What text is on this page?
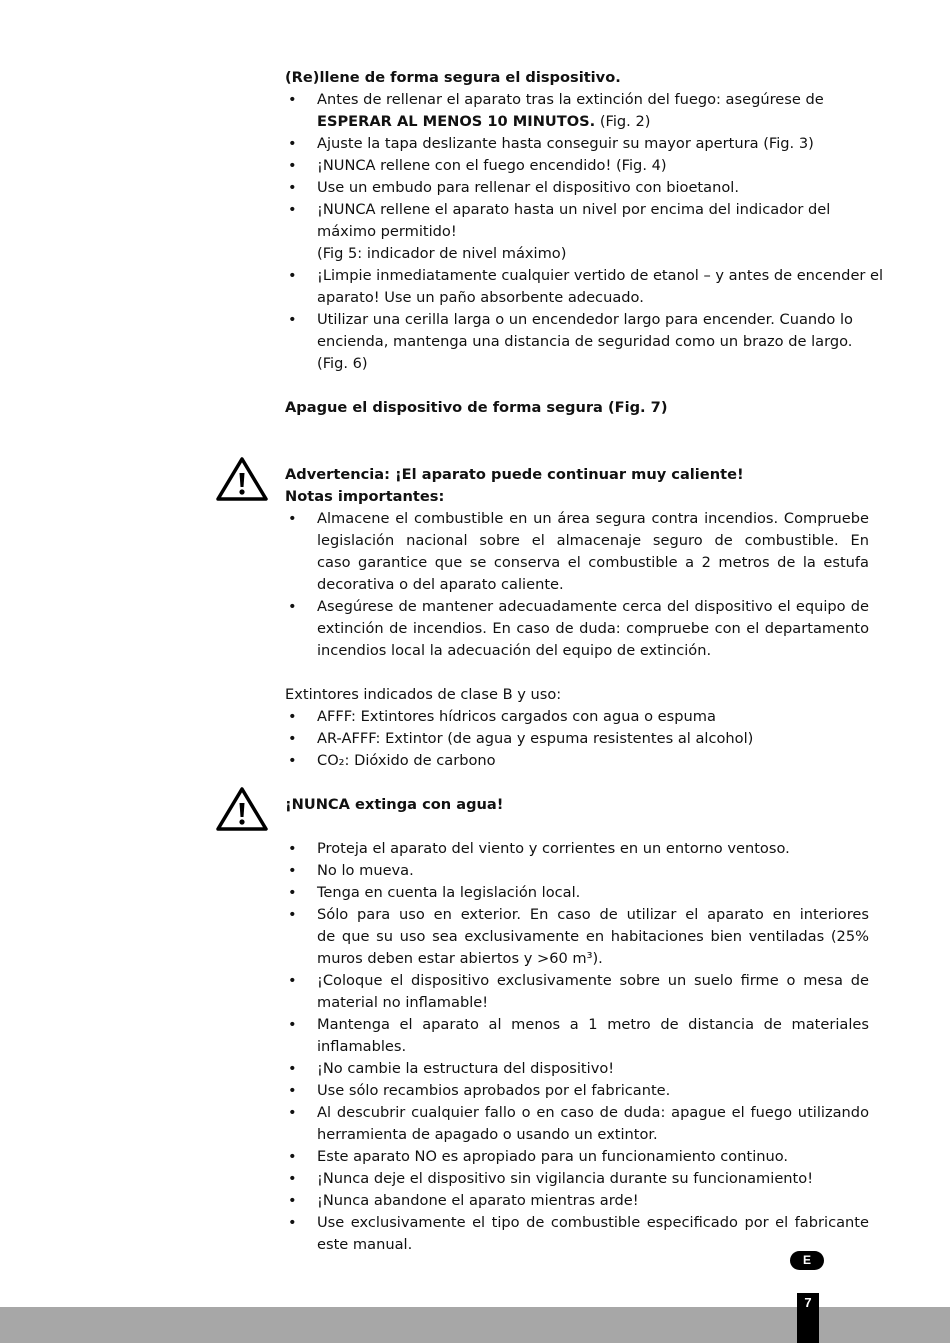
(Re)llene de forma segura el dispositivo.
• Antes de rellenar el aparato tras la extinción del fuego: asegúrese de
ESPERAR AL MENOS 10 MINUTOS. (Fig. 2)
• Ajuste la tapa deslizante hasta conseguir su mayor apertura (Fig. 3)
• ¡NUNCA rellene con el fuego encendido! (Fig. 4)
• Use un embudo para rellenar el dispositivo con bioetanol.
• ¡NUNCA rellene el aparato hasta un nivel por encima del indicador del
máximo permitido!
(Fig 5: indicador de nivel máximo)
• ¡Limpie inmediatamente cualquier vertido de etanol – y antes de encender el
aparato! Use un paño absorbente adecuado.
• Utilizar una cerilla larga o un encendedor largo para encender. Cuando lo
encienda, mantenga una distancia de seguridad como un brazo de largo.
(Fig. 6)
Apague el dispositivo de forma segura (Fig. 7)
Advertencia: ¡El aparato puede continuar muy caliente!
Notas importantes:
• Almacene el combustible en un área segura contra incendios. Compruebe
legislación nacional sobre el almacenaje seguro de combustible. En
caso garantice que se conserva el combustible a 2 metros de la estufa
decorativa o del aparato caliente.
• Asegúrese de mantener adecuadamente cerca del dispositivo el equipo de
extinción de incendios. En caso de duda: compruebe con el departamento
incendios local la adecuación del equipo de extinción.
Extintores indicados de clase B y uso:
• AFFF: Extintores hídricos cargados con agua o espuma
• AR-AFFF: Extintor (de agua y espuma resistentes al alcohol)
• CO₂: Dióxido de carbono
¡NUNCA extinga con agua!
• Proteja el aparato del viento y corrientes en un entorno ventoso.
• No lo mueva.
• Tenga en cuenta la legislación local.
• Sólo para uso en exterior. En caso de utilizar el aparato en interiores
de que su uso sea exclusivamente en habitaciones bien ventiladas (25%
muros deben estar abiertos y >60 m³).
• ¡Coloque el dispositivo exclusivamente sobre un suelo firme o mesa de
material no inflamable!
• Mantenga el aparato al menos a 1 metro de distancia de materiales
inflamables.
• ¡No cambie la estructura del dispositivo!
• Use sólo recambios aprobados por el fabricante.
• Al descubrir cualquier fallo o en caso de duda: apague el fuego utilizando
herramienta de apagado o usando un extintor.
• Este aparato NO es apropiado para un funcionamiento continuo.
• ¡Nunca deje el dispositivo sin vigilancia durante su funcionamiento!
• ¡Nunca abandone el aparato mientras arde!
• Use exclusivamente el tipo de combustible especificado por el fabricante
este manual.
E
7
